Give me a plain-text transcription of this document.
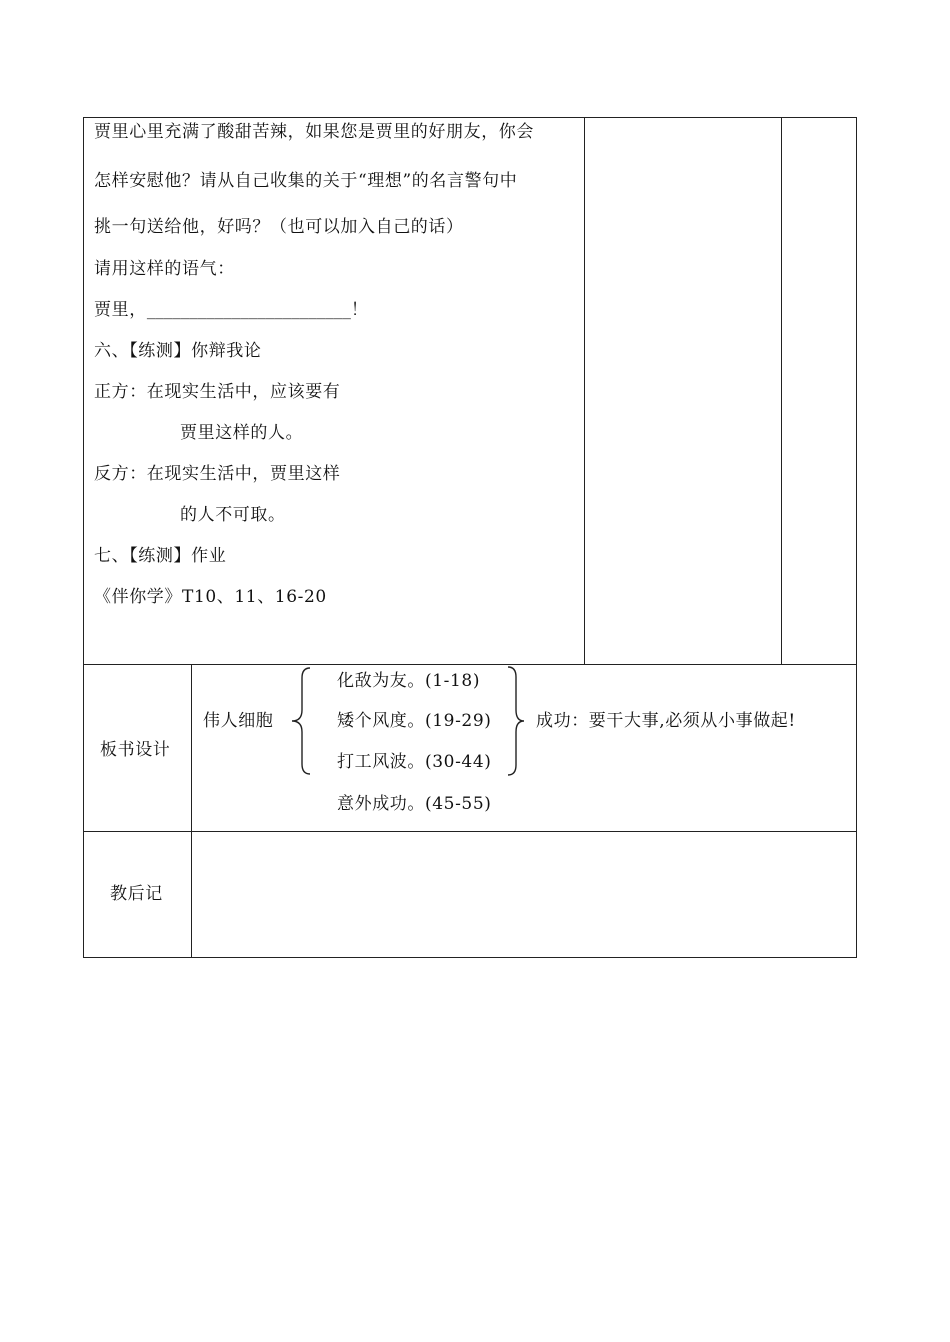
贾里心里充满了酸甜苦辣，如果您是贾里的好朋友，你会
怎样安慰他？请从自己收集的关于“理想”的名言警句中
挑一句送给他，好吗？（也可以加入自己的话）
请用这样的语气：
贾里，________________________！
六、【练测】你辩我论
正方：在现实生活中，应该要有
贾里这样的人。
反方：在现实生活中，贾里这样
的人不可取。
七、【练测】作业
《伴你学》T10、11、16-20
板书设计
伟人细胞
化敌为友。(1-18)
矮个风度。(19-29)
打工风波。(30-44)
意外成功。(45-55)
成功：要干大事,必须从小事做起!
教后记
